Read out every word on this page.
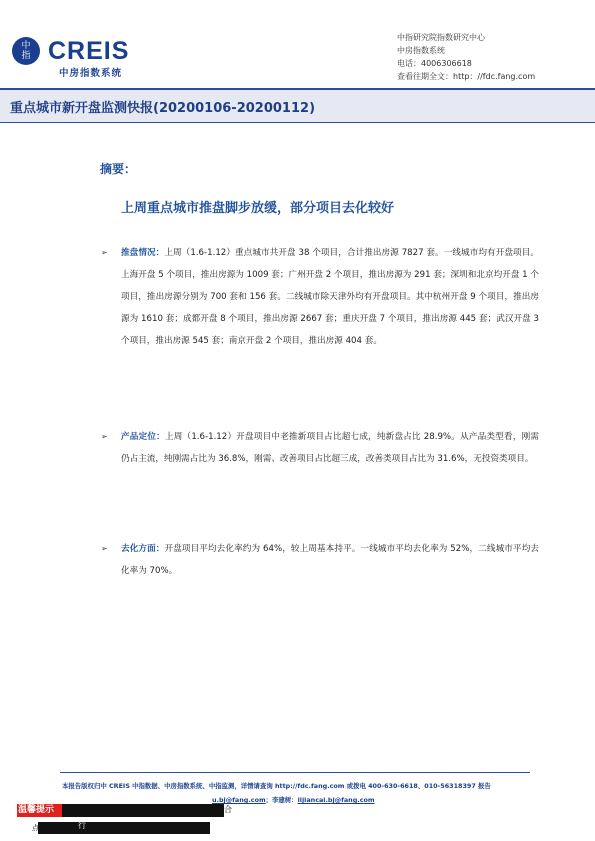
中
指 CREIS
中房指数系统
中指研究院指数研究中心
中房指数系统
电话：4006306618
查看往期全文：http：//fdc.fang.com
重点城市新开盘监测快报(20200106-20200112)
摘要：
上周重点城市推盘脚步放缓，部分项目去化较好
➢ 推盘情况：上周（1.6-1.12）重点城市共开盘 38 个项目，合计推出房源 7827 套。一线城市均有开盘项目。上海开盘 5 个项目，推出房源为 1009 套；广州开盘 2 个项目，推出房源为 291 套；深圳和北京均开盘 1 个项目，推出房源分别为 700 套和 156 套。二线城市除天津外均有开盘项目。其中杭州开盘 9 个项目，推出房源为 1610 套；成都开盘 8 个项目，推出房源 2667 套；重庆开盘 7 个项目，推出房源 445 套；武汉开盘 3 个项目，推出房源 545 套；南京开盘 2 个项目，推出房源 404 套。
➢ 产品定位：上周（1.6-1.12）开盘项目中老推新项目占比超七成，纯新盘占比 28.9%。从产品类型看，刚需仍占主流，纯刚需占比为 36.8%，刚需、改善项目占比超三成，改善类项目占比为 31.6%，无投资类项目。
➢ 去化方面：开盘项目平均去化率约为 64%，较上周基本持平。一线城市平均去化率为 52%，二线城市平均去化率为 70%。
本报告版权归中 CREIS 中指数据、中房指数系统、中指监测，详情请查询 http://fdc.fang.com 或拨电 400-630-6618、010-56318397 报告
u.bj@fang.com；李建树：lijiancai.bj@fang.com
温馨提示	合
点	行
